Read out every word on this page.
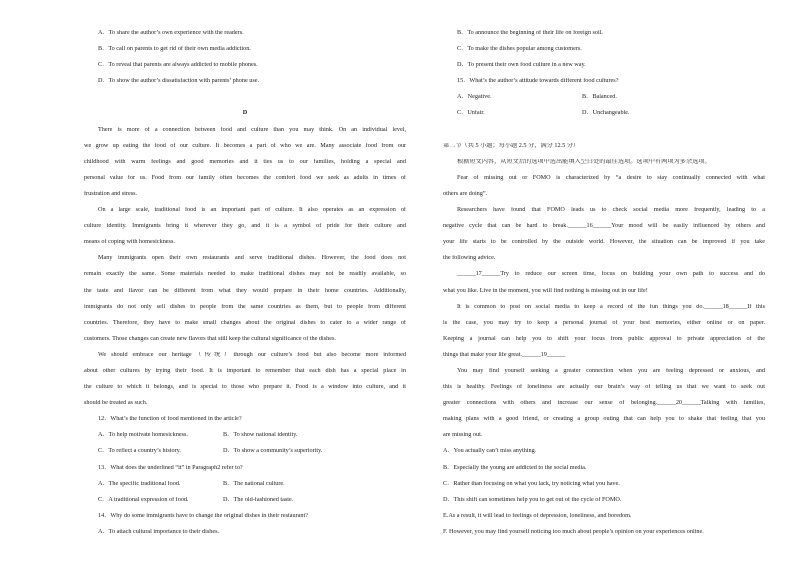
A．To share the author’s own experience with the readers.
B．To call on parents to get rid of their own media addiction.
C．To reveal that parents are always addicted to mobile phones.
D．To show the author’s dissatisfaction with parents’ phone use.
D
There is more of a connection between food and culture than you may think. On an individual level,
we grow up eating the food of our culture. It becomes a part of who we are. Many associate food from our
childhood with warm feelings and good memories and it ties us to our families, holding a special and
personal value for us. Food from our family often becomes the comfort food we seek as adults in times of
frustration and stress.
On a large scale, traditional food is an important part of culture. It also operates as an expression of
culture identity. Immigrants bring it wherever they go, and it is a symbol of pride for their culture and
means of coping with homesickness.
Many immigrants open their own restaurants and serve traditional dishes. However, the food does not
remain exactly the same. Some materials needed to make traditional dishes may not be readily available, so
the taste and flavor can be different from what they would prepare in their home countries. Additionally,
immigrants do not only sell dishes to people from the same countries as them, but to people from different
countries. Therefore, they have to make small changes about the original dishes to cater to a wider range of
customers. Those changes can create new flavors that still keep the cultural significance of the dishes.
We should embrace our heritage（传统）through our culture’s food but also become more informed
about other cultures by trying their food. It is important to remember that each dish has a special place in
the culture to which it belongs, and is special to those who prepare it. Food is a window into culture, and it
should be treated as such.
12．What’s the function of food mentioned in the article?
A．To help motivate homesickness.	B．To show national identity.
C．To reflect a country’s history.	D．To show a community’s superiority.
13．What does the underlined “it” in Paragraph2 refer to?
A．The specific traditional food.	B．The national culture.
C．A traditional expression of food.	D．The old-fashioned taste.
14．Why do some immigrants have to change the original dishes in their restaurant?
A．To attach cultural importance to their dishes.
B．To announce the beginning of their life on foreign soil.
C．To make the dishes popular among customers.
D．To present their own food culture in a new way.
15．What’s the author’s attitude towards different food cultures?
A．Negative.	B．Balanced.
C．Unfair.	D．Unchangeable.
第二节（共 5 小题；每小题 2.5 分，满分 12.5 分）
根据短文内容，从短文后的选项中选出能填入空白处的最佳选项。选项中有两项为多余选项。
Fear of missing out or FOMO is characterized by “a desire to stay continually connected with what
others are doing”.
Researchers have found that FOMO leads us to check social media more frequently, leading to a
negative cycle that can be hard to break.______16______Your mood will be easily influenced by others and
your life starts to be controlled by the outside world. However, the situation can be improved if you take
the following advice.
______17______Try to reduce our screen time, focus on building your own path to success and do
what you like. Live in the moment, you will find nothing is missing out in our life!
It is common to post on social media to keep a record of the fun things you do.______18______If this
is the case, you may try to keep a personal journal of your best memories, either online or on paper.
Keeping a journal can help you to shift your focus from public approval to private appreciation of the
things that make your life great.______19______
You may find yourself seeking a greater connection when you are feeling depressed or anxious, and
this is healthy. Feelings of loneliness are actually our brain’s way of telling us that we want to seek out
greater connections with others and increase our sense of belonging.______20______Talking with families,
making plans with a good friend, or creating a group outing that can help you to shake that feeling that you
are missing out.
A．You actually can’t miss anything.
B．Especially the young are addicted to the social media.
C．Rather than focusing on what you lack, try noticing what you have.
D．This shift can sometimes help you to get out of the cycle of FOMO.
E.As a result, it will lead to feelings of depression, loneliness, and boredom.
F. However, you may find yourself noticing too much about people’s opinion on your experiences online.
